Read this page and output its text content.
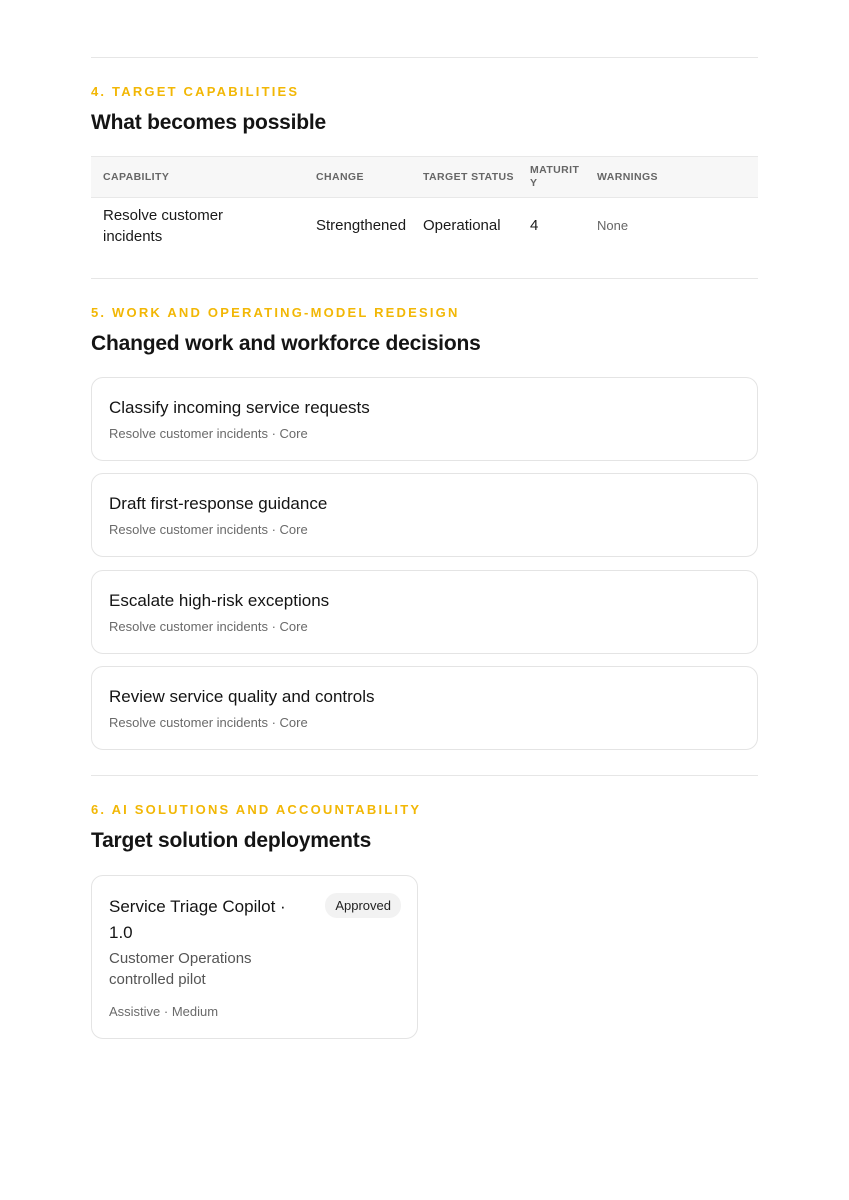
4. TARGET CAPABILITIES
What becomes possible
CAPABILITY	CHANGE	TARGET STATUS	MATURITY	WARNINGS
Resolve customer incidents	Strengthened	Operational	4	None
5. WORK AND OPERATING-MODEL REDESIGN
Changed work and workforce decisions
Classify incoming service requests
Resolve customer incidents · Core
Draft first-response guidance
Resolve customer incidents · Core
Escalate high-risk exceptions
Resolve customer incidents · Core
Review service quality and controls
Resolve customer incidents · Core
6. AI SOLUTIONS AND ACCOUNTABILITY
Target solution deployments
Service Triage Copilot · 1.0
Approved
Customer Operations controlled pilot
Assistive · Medium
